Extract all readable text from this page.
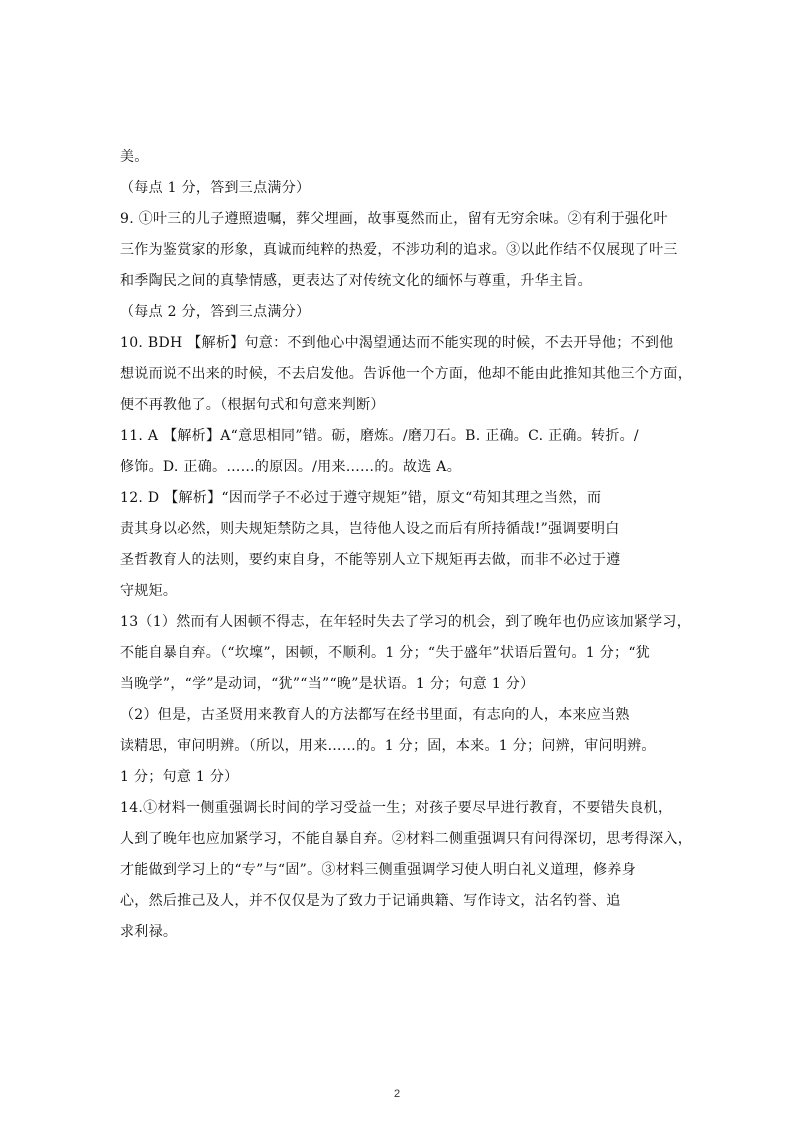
美。
（每点 1 分，答到三点满分）
9. ①叶三的儿子遵照遗嘱，葬父埋画，故事戛然而止，留有无穷余味。②有利于强化叶
三作为鉴赏家的形象，真诚而纯粹的热爱，不涉功利的追求。③以此作结不仅展现了叶三
和季陶民之间的真挚情感，更表达了对传统文化的缅怀与尊重，升华主旨。
（每点 2 分，答到三点满分）
10. BDH 【解析】句意：不到他心中渴望通达而不能实现的时候，不去开导他；不到他
想说而说不出来的时候，不去启发他。告诉他一个方面，他却不能由此推知其他三个方面，
便不再教他了。（根据句式和句意来判断）
11. A 【解析】A“意思相同”错。砺，磨炼。/磨刀石。B. 正确。C. 正确。转折。/
修饰。D. 正确。……的原因。/用来……的。故选 A。
12. D 【解析】“因而学子不必过于遵守规矩”错，原文“苟知其理之当然，而
责其身以必然，则夫规矩禁防之具，岂待他人设之而后有所持循哉!”强调要明白
圣哲教育人的法则，要约束自身，不能等别人立下规矩再去做，而非不必过于遵
守规矩。
13（1）然而有人困顿不得志，在年轻时失去了学习的机会，到了晚年也仍应该加紧学习，
不能自暴自弃。（“坎壈”，困顿，不顺利。1 分；“失于盛年”状语后置句。1 分；“犹
当晚学”，“学”是动词，“犹”“当”“晚”是状语。1 分；句意 1 分）
（2）但是，古圣贤用来教育人的方法都写在经书里面，有志向的人，本来应当熟
读精思，审问明辨。（所以，用来……的。1 分；固，本来。1 分；问辨，审问明辨。
1 分；句意 1 分）
14.①材料一侧重强调长时间的学习受益一生；对孩子要尽早进行教育，不要错失良机，
人到了晚年也应加紧学习，不能自暴自弃。②材料二侧重强调只有问得深切，思考得深入，
才能做到学习上的“专”与“固”。③材料三侧重强调学习使人明白礼义道理，修养身
心，然后推己及人，并不仅仅是为了致力于记诵典籍、写作诗文，沽名钓誉、追
求利禄。
2
